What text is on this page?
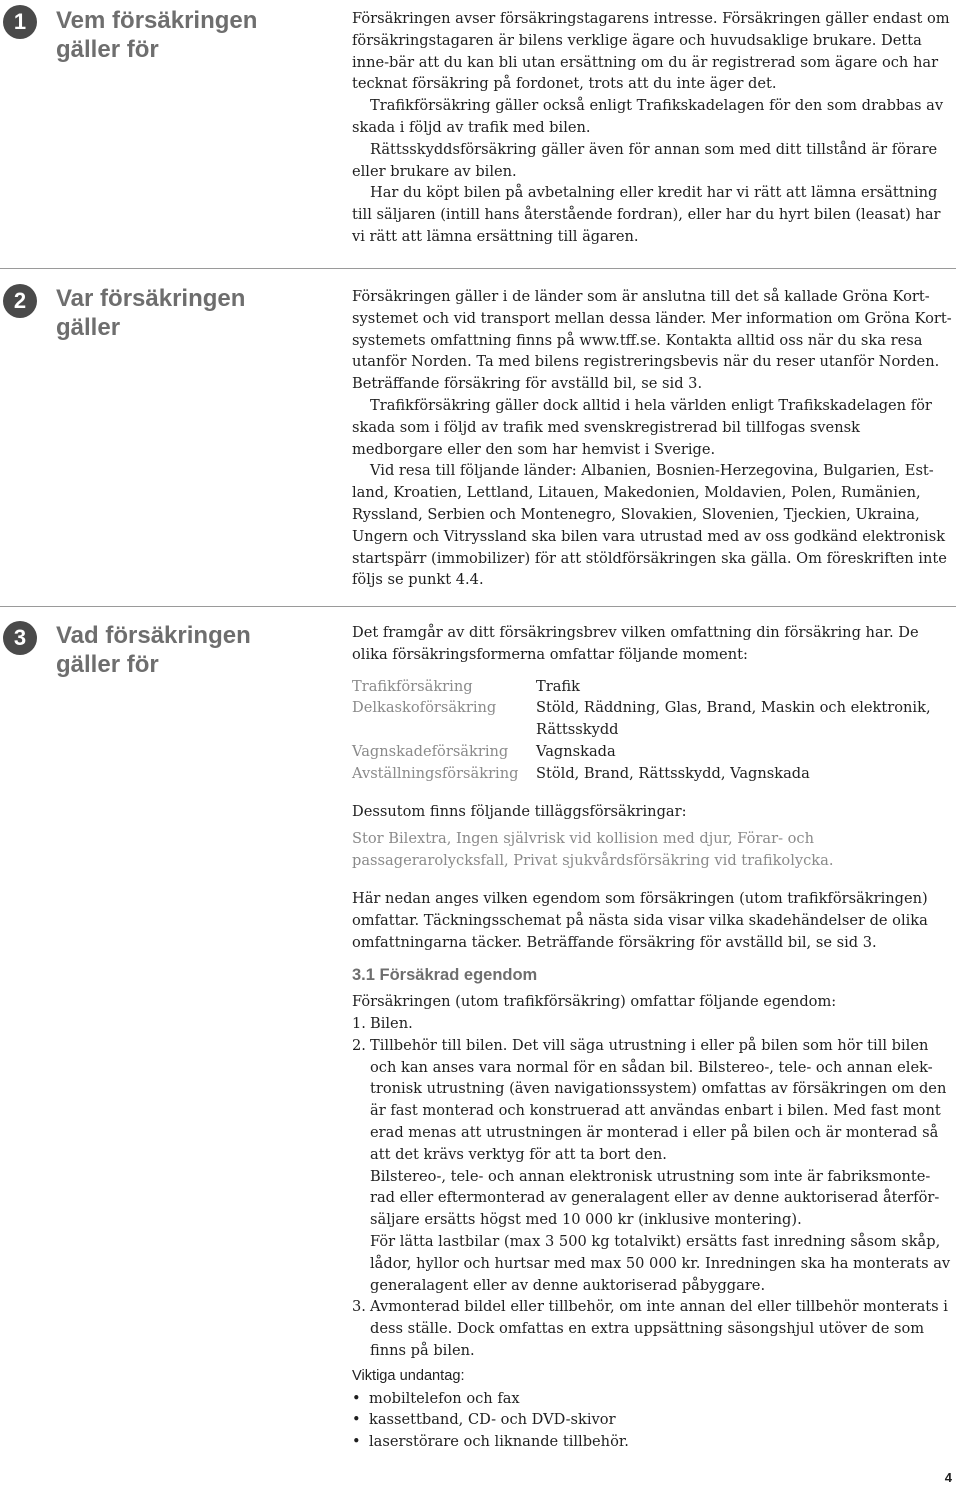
1	Vem försäkringen gäller för

Försäkringen avser försäkringstagarens intresse. Försäkringen gäller endast om försäkringstagaren är bilens verklige ägare och huvudsaklige brukare. Detta inne-bär att du kan bli utan ersättning om du är registrerad som ägare och har tecknat försäkring på fordonet, trots att du inte äger det.

Trafikförsäkring gäller också enligt Trafikskadelagen för den som drabbas av skada i följd av trafik med bilen.

Rättsskyddsförsäkring gäller även för annan som med ditt tillstånd är förare eller brukare av bilen.

Har du köpt bilen på avbetalning eller kredit har vi rätt att lämna ersättning till säljaren (intill hans återstående fordran), eller har du hyrt bilen (leasat) har vi rätt att lämna ersättning till ägaren.

2	Var försäkringen gäller

Försäkringen gäller i de länder som är anslutna till det så kallade Gröna Kort-systemet och vid transport mellan dessa länder. Mer information om Gröna Kort-systemets omfattning finns på www.tff.se. Kontakta alltid oss när du ska resa utanför Norden. Ta med bilens registreringsbevis när du reser utanför Norden. Beträffande försäkring för avställd bil, se sid 3.

Trafikförsäkring gäller dock alltid i hela världen enligt Trafikskadelagen för skada som i följd av trafik med svenskregistrerad bil tillfogas svensk medborgare eller den som har hemvist i Sverige.

Vid resa till följande länder: Albanien, Bosnien-Herzegovina, Bulgarien, Est-land, Kroatien, Lettland, Litauen, Makedonien, Moldavien, Polen, Rumänien, Ryssland, Serbien och Montenegro, Slovakien, Slovenien, Tjeckien, Ukraina, Ungern och Vitryssland ska bilen vara utrustad med av oss godkänd elektronisk startspärr (immobilizer) för att stöldförsäkringen ska gälla. Om föreskriften inte följs se punkt 4.4.

3	Vad försäkringen gäller för

Det framgår av ditt försäkringsbrev vilken omfattning din försäkring har. De olika försäkringsformerna omfattar följande moment:

Trafikförsäkring	Trafik
Delkaskoförsäkring	Stöld, Räddning, Glas, Brand, Maskin och elektronik, Rättsskydd
Vagnskadeförsäkring	Vagnskada
Avställningsförsäkring	Stöld, Brand, Rättsskydd, Vagnskada

Dessutom finns följande tilläggsförsäkringar:

Stor Bilextra, Ingen självrisk vid kollision med djur, Förar- och passagerarolycksfall, Privat sjukvårdsförsäkring vid trafikolycka.

Här nedan anges vilken egendom som försäkringen (utom trafikförsäkringen) omfattar. Täckningsschemat på nästa sida visar vilka skadehändelser de olika omfattningarna täcker. Beträffande försäkring för avställd bil, se sid 3.

3.1 Försäkrad egendom

Försäkringen (utom trafikförsäkring) omfattar följande egendom:

1. Bilen.

2. Tillbehör till bilen. Det vill säga utrustning i eller på bilen som hör till bilen och kan anses vara normal för en sådan bil. Bilstereo-, tele- och annan elek-tronisk utrustning (även navigationssystem) omfattas av försäkringen om den är fast monterad och konstruerad att användas enbart i bilen. Med fast mont erad menas att utrustningen är monterad i eller på bilen och är monterad så att det krävs verktyg för att ta bort den.

Bilstereo-, tele- och annan elektronisk utrustning som inte är fabriksmonte-rad eller eftermonterad av generalagent eller av denne auktoriserad återför-säljare ersätts högst med 10 000 kr (inklusive montering).

För lätta lastbilar (max 3 500 kg totalvikt) ersätts fast inredning såsom skåp, lådor, hyllor och hurtsar med max 50 000 kr. Inredningen ska ha monterats av generalagent eller av denne auktoriserad påbyggare.

3. Avmonterad bildel eller tillbehör, om inte annan del eller tillbehör monterats i dess ställe. Dock omfattas en extra uppsättning säsongshjul utöver de som finns på bilen.

Viktiga undantag:
• mobiltelefon och fax
• kassettband, CD- och DVD-skivor
• laserstörare och liknande tillbehör.
4
